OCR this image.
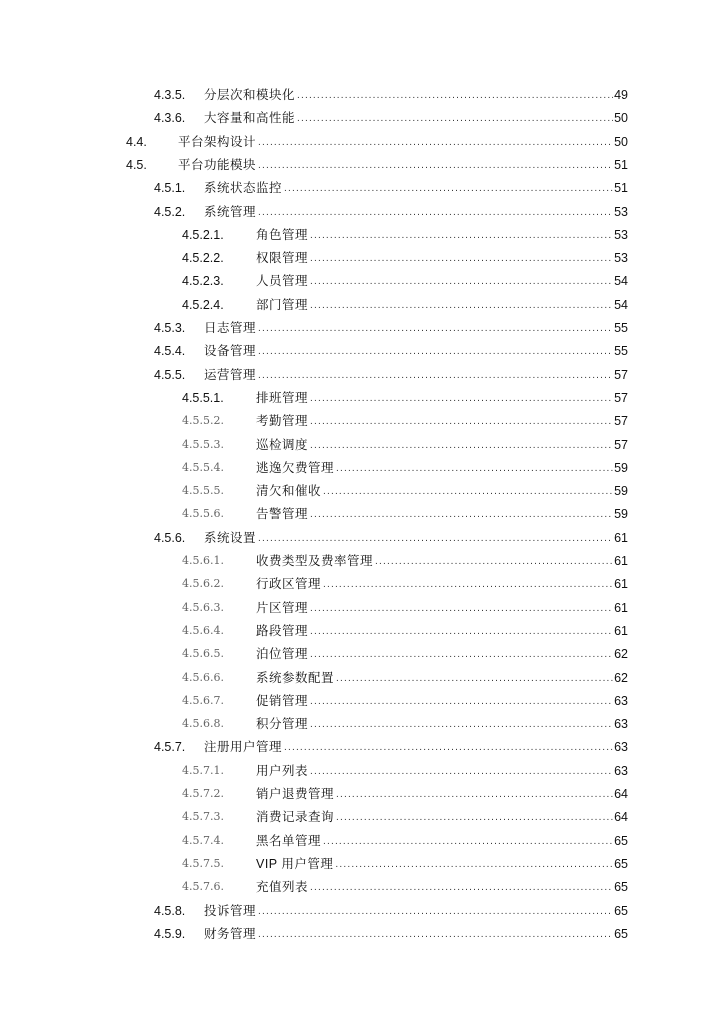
4.3.5.	分层次和模块化 .....	49
4.3.6.	大容量和高性能 .....	50
4.4.	平台架构设计 .....	50
4.5.	平台功能模块 .....	51
4.5.1.	系统状态监控 .....	51
4.5.2.	系统管理 .....	53
4.5.2.1.	角色管理 .....	53
4.5.2.2.	权限管理 .....	53
4.5.2.3.	人员管理 .....	54
4.5.2.4.	部门管理 .....	54
4.5.3.	日志管理 .....	55
4.5.4.	设备管理 .....	55
4.5.5.	运营管理 .....	57
4.5.5.1.	排班管理 .....	57
4.5.5.2.	考勤管理 .....	57
4.5.5.3.	巡检调度 .....	57
4.5.5.4.	逃逸欠费管理 .....	59
4.5.5.5.	清欠和催收 .....	59
4.5.5.6.	告警管理 .....	59
4.5.6.	系统设置 .....	61
4.5.6.1.	收费类型及费率管理 .....	61
4.5.6.2.	行政区管理 .....	61
4.5.6.3.	片区管理 .....	61
4.5.6.4.	路段管理 .....	61
4.5.6.5.	泊位管理 .....	62
4.5.6.6.	系统参数配置 .....	62
4.5.6.7.	促销管理 .....	63
4.5.6.8.	积分管理 .....	63
4.5.7.	注册用户管理 .....	63
4.5.7.1.	用户列表 .....	63
4.5.7.2.	销户退费管理 .....	64
4.5.7.3.	消费记录查询 .....	64
4.5.7.4.	黑名单管理 .....	65
4.5.7.5.	VIP 用户管理 .....	65
4.5.7.6.	充值列表 .....	65
4.5.8.	投诉管理 .....	65
4.5.9.	财务管理 .....	65
